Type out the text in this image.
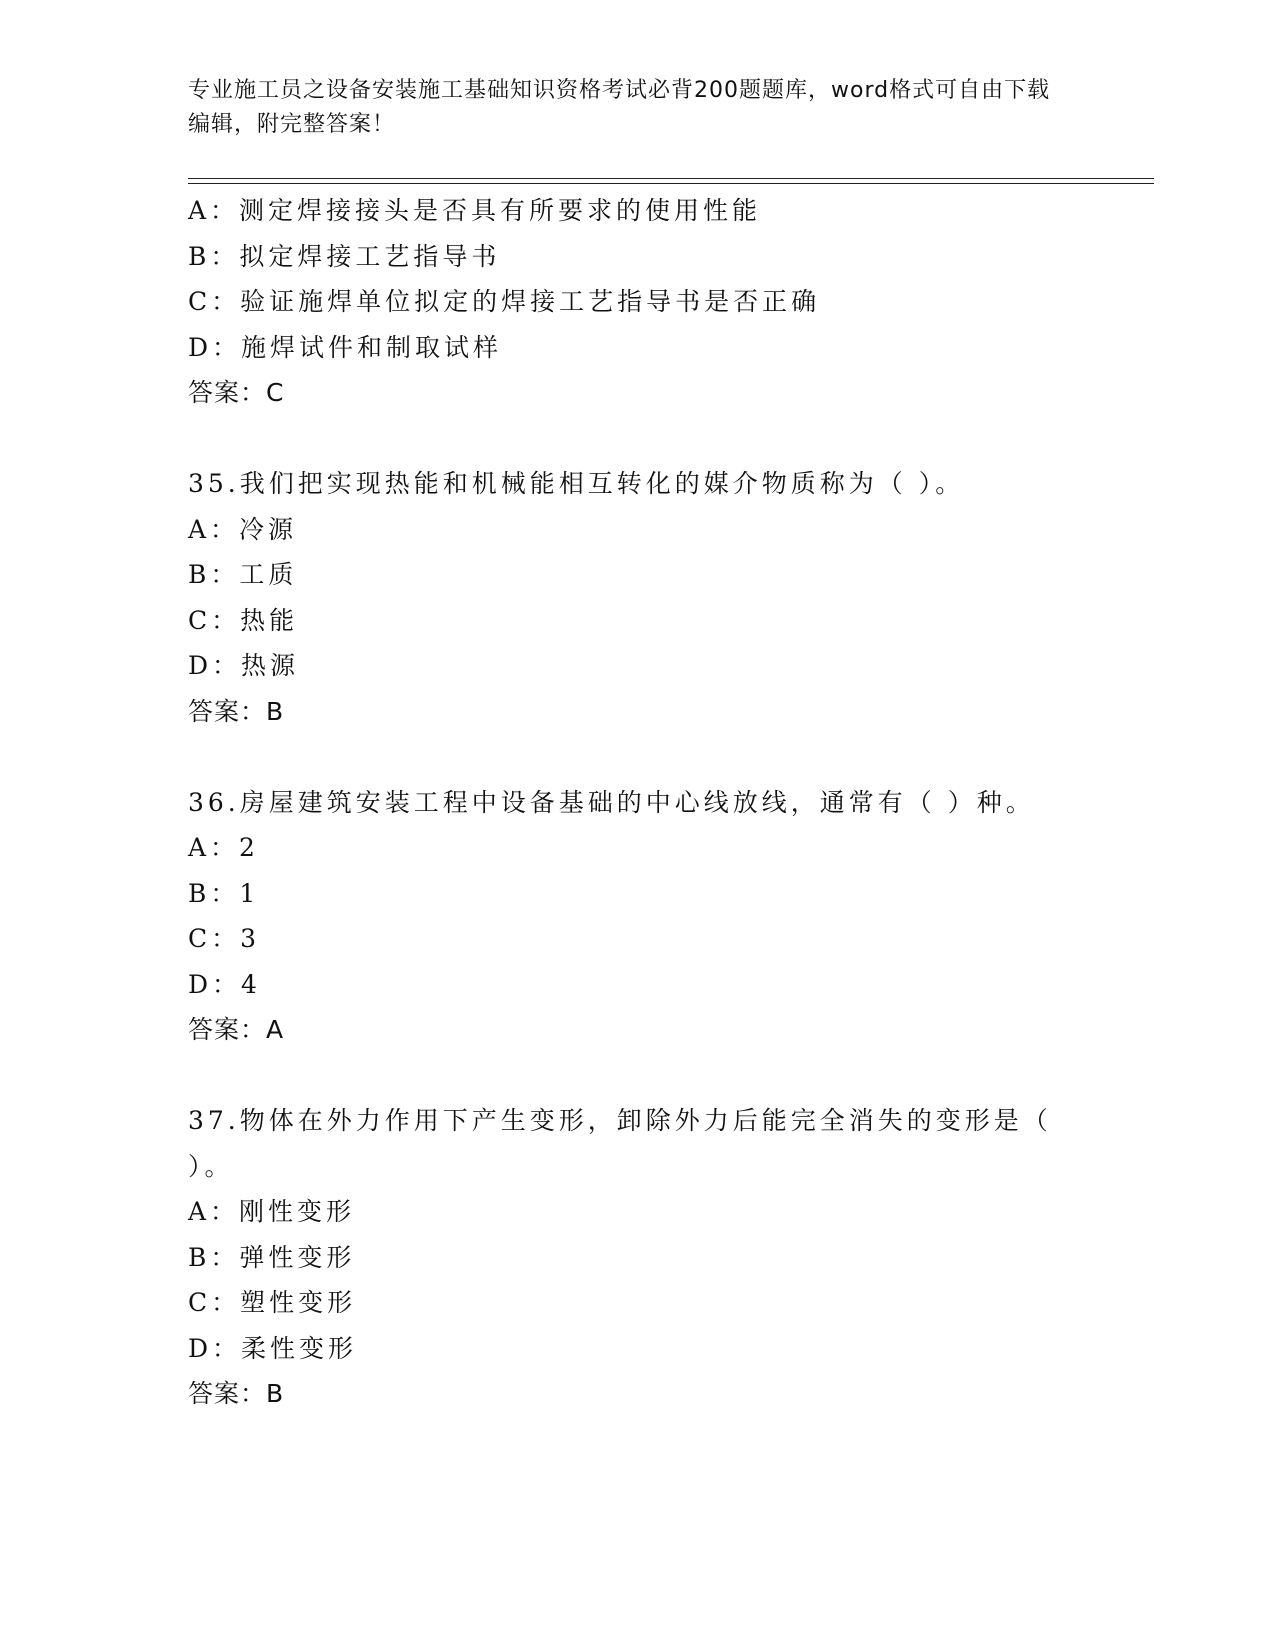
专业施工员之设备安装施工基础知识资格考试必背200题题库，word格式可自由下载编辑，附完整答案！
A：测定焊接接头是否具有所要求的使用性能
B：拟定焊接工艺指导书
C：验证施焊单位拟定的焊接工艺指导书是否正确
D：施焊试件和制取试样
答案：C
35.我们把实现热能和机械能相互转化的媒介物质称为（ ）。
A：冷源
B：工质
C：热能
D：热源
答案：B
36.房屋建筑安装工程中设备基础的中心线放线，通常有（ ）种。
A：2
B：1
C：3
D：4
答案：A
37.物体在外力作用下产生变形，卸除外力后能完全消失的变形是（ ）。
A：刚性变形
B：弹性变形
C：塑性变形
D：柔性变形
答案：B
